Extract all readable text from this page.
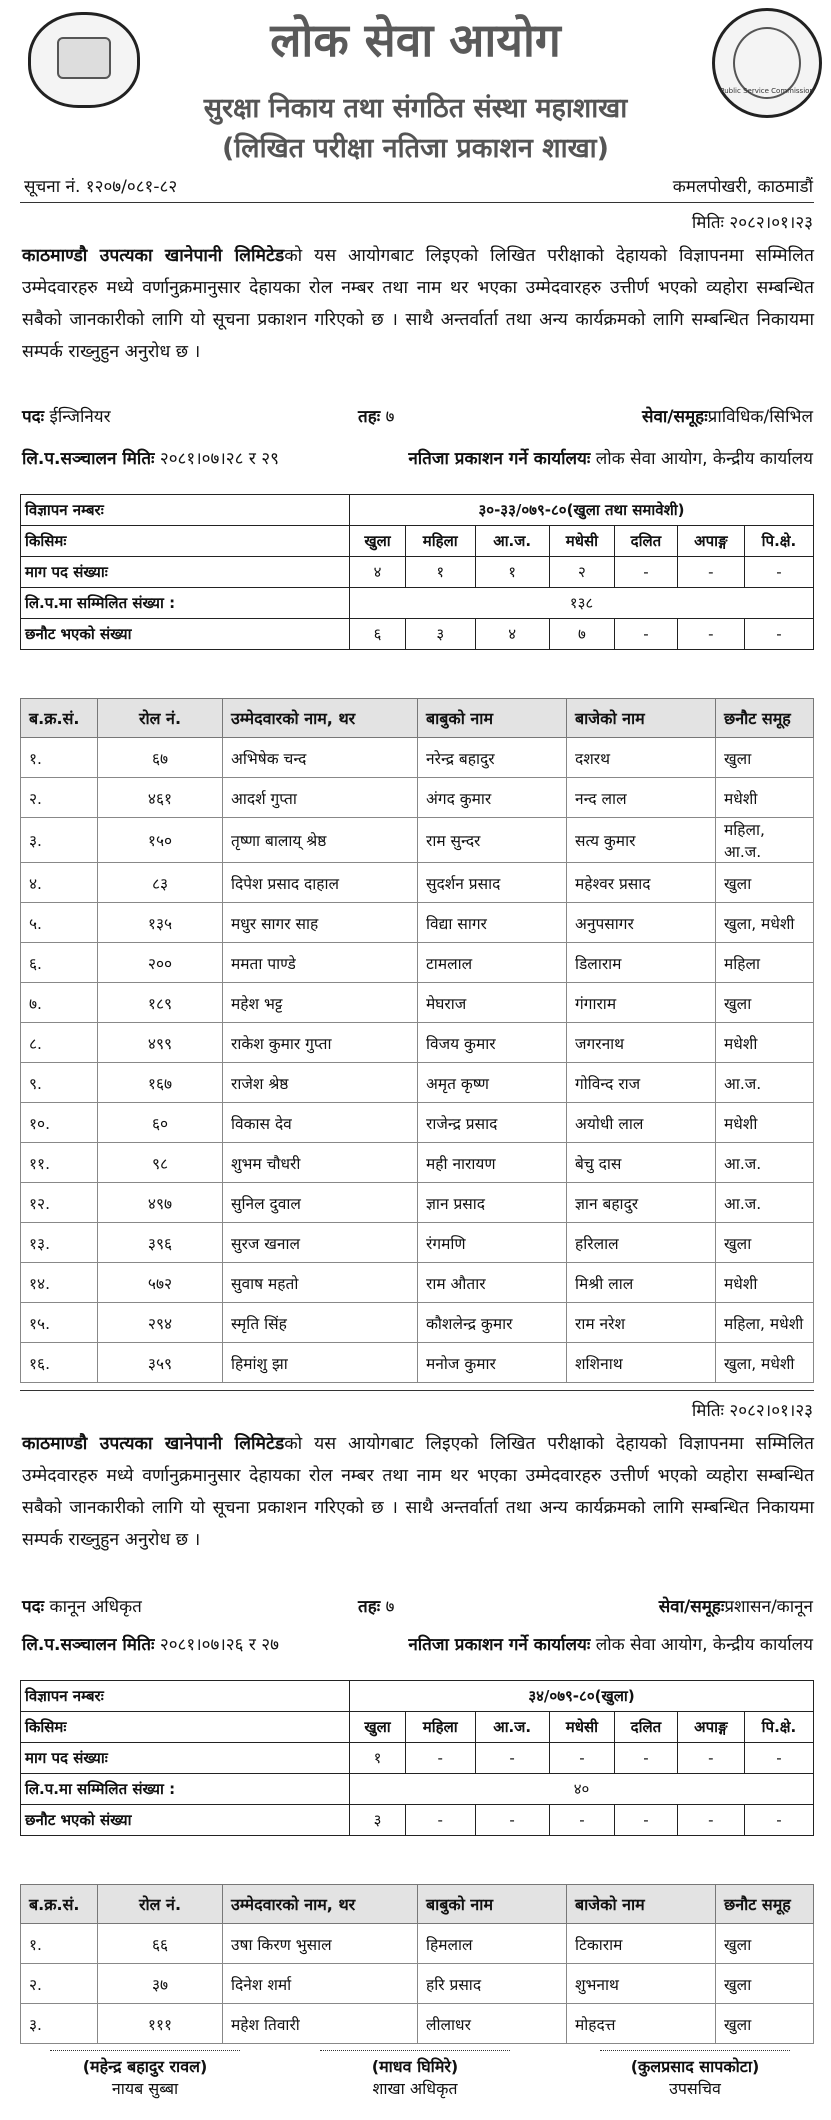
Public Service Commission
लोक सेवा आयोग
सुरक्षा निकाय तथा संगठित संस्था महाशाखा
(लिखित परीक्षा नतिजा प्रकाशन शाखा)
सूचना नं. १२०७/०८१-८२	कमलपोखरी, काठमाडौं
मितिः २०८२।०१।२३
काठमाण्डौ उपत्यका खानेपानी लिमिटेडको यस आयोगबाट लिइएको लिखित परीक्षाको देहायको विज्ञापनमा सम्मिलित उम्मेदवारहरु मध्ये वर्णानुक्रमानुसार देहायका रोल नम्बर तथा नाम थर भएका उम्मेदवारहरु उत्तीर्ण भएको व्यहोरा सम्बन्धित सबैको जानकारीको लागि यो सूचना प्रकाशन गरिएको छ । साथै अन्तर्वार्ता तथा अन्य कार्यक्रमको लागि सम्बन्धित निकायमा सम्पर्क राख्नुहुन अनुरोध छ ।
पदः ईन्जिनियर	तहः ७	सेवा/समूहःप्राविधिक/सिभिल
लि.प.सञ्चालन मितिः २०८१।०७।२८ र २९	नतिजा प्रकाशन गर्ने कार्यालयः लोक सेवा आयोग, केन्द्रीय कार्यालय
विज्ञापन नम्बरः	३०-३३/०७९-८०(खुला तथा समावेशी)						
किसिमः	खुला	महिला	आ.ज.	मधेसी	दलित	अपाङ्ग	पि.क्षे.
माग पद संख्याः	४	१	१	२	-	-	-
लि.प.मा सम्मिलित संख्या :	१३८						
छनौट भएको संख्या	६	३	४	७	-	-	-
ब.क्र.सं.	रोल नं.	उम्मेदवारको नाम, थर	बाबुको नाम	बाजेको नाम	छनौट समूह
१.	६७	अभिषेक चन्द	नरेन्द्र बहादुर	दशरथ	खुला
२.	४६१	आदर्श गुप्ता	अंगद कुमार	नन्द लाल	मधेशी
३.	१५०	तृष्णा बालाय् श्रेष्ठ	राम सुन्दर	सत्य कुमार	महिला, आ.ज.
४.	८३	दिपेश प्रसाद दाहाल	सुदर्शन प्रसाद	महेश्वर प्रसाद	खुला
५.	१३५	मधुर सागर साह	विद्या सागर	अनुपसागर	खुला, मधेशी
६.	२००	ममता पाण्डे	टामलाल	डिलाराम	महिला
७.	१८९	महेश भट्ट	मेघराज	गंगाराम	खुला
८.	४९९	राकेश कुमार गुप्ता	विजय कुमार	जगरनाथ	मधेशी
९.	१६७	राजेश श्रेष्ठ	अमृत कृष्ण	गोविन्द राज	आ.ज.
१०.	६०	विकास देव	राजेन्द्र प्रसाद	अयोधी लाल	मधेशी
११.	९८	शुभम चौधरी	मही नारायण	बेचु दास	आ.ज.
१२.	४९७	सुनिल दुवाल	ज्ञान प्रसाद	ज्ञान बहादुर	आ.ज.
१३.	३९६	सुरज खनाल	रंगमणि	हरिलाल	खुला
१४.	५७२	सुवाष महतो	राम औतार	मिश्री लाल	मधेशी
१५.	२९४	स्मृति सिंह	कौशलेन्द्र कुमार	राम नरेश	महिला, मधेशी
१६.	३५९	हिमांशु झा	मनोज कुमार	शशिनाथ	खुला, मधेशी
मितिः २०८२।०१।२३
काठमाण्डौ उपत्यका खानेपानी लिमिटेडको यस आयोगबाट लिइएको लिखित परीक्षाको देहायको विज्ञापनमा सम्मिलित उम्मेदवारहरु मध्ये वर्णानुक्रमानुसार देहायका रोल नम्बर तथा नाम थर भएका उम्मेदवारहरु उत्तीर्ण भएको व्यहोरा सम्बन्धित सबैको जानकारीको लागि यो सूचना प्रकाशन गरिएको छ । साथै अन्तर्वार्ता तथा अन्य कार्यक्रमको लागि सम्बन्धित निकायमा सम्पर्क राख्नुहुन अनुरोध छ ।
पदः कानून अधिकृत	तहः ७	सेवा/समूहःप्रशासन/कानून
लि.प.सञ्चालन मितिः २०८१।०७।२६ र २७	नतिजा प्रकाशन गर्ने कार्यालयः लोक सेवा आयोग, केन्द्रीय कार्यालय
विज्ञापन नम्बरः	३४/०७९-८०(खुला)						
किसिमः	खुला	महिला	आ.ज.	मधेसी	दलित	अपाङ्ग	पि.क्षे.
माग पद संख्याः	१	-	-	-	-	-	-
लि.प.मा सम्मिलित संख्या :	४०						
छनौट भएको संख्या	३	-	-	-	-	-	-
ब.क्र.सं.	रोल नं.	उम्मेदवारको नाम, थर	बाबुको नाम	बाजेको नाम	छनौट समूह
१.	६६	उषा किरण भुसाल	हिमलाल	टिकाराम	खुला
२.	३७	दिनेश शर्मा	हरि प्रसाद	शुभनाथ	खुला
३.	१११	महेश तिवारी	लीलाधर	मोहदत्त	खुला
(महेन्द्र बहादुर रावल)
नायब सुब्बा
(माधव घिमिरे)
शाखा अधिकृत
(कुलप्रसाद सापकोटा)
उपसचिव
